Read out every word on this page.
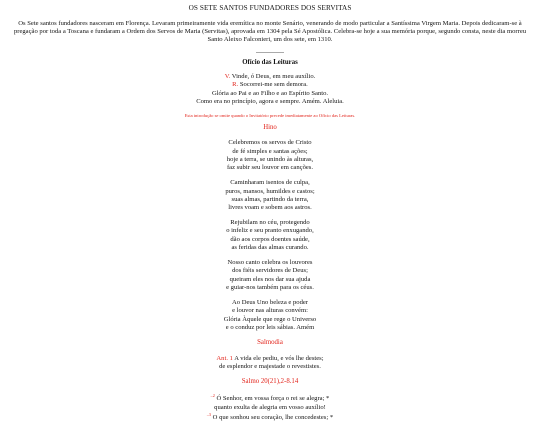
OS SETE SANTOS FUNDADORES DOS SERVITAS
Os Sete santos fundadores nasceram em Florença. Levaram primeiramente vida eremítica no monte Senário, venerando de modo particular a Santíssima Virgem Maria. Depois dedicaram-se à pregação por toda a Toscana e fundaram a Ordem dos Servos de Maria (Servitas), aprovada em 1304 pela Sé Apostólica. Celebra-se hoje a sua memória porque, segundo consta, neste dia morreu Santo Aleixo Falconieri, um dos sete, em 1310.
Ofício das Leituras
V. Vinde, ó Deus, em meu auxílio.
R. Socorrei-me sem demora.
Glória ao Pai e ao Filho e ao Espírito Santo.
Como era no princípio, agora e sempre. Amém. Aleluia.
Esta introdução se omite quando o Invitatório precede imediatamente ao Ofício das Leituras.
Hino
Celebremos os servos de Cristo
de fé simples e santas ações;
hoje a terra, se unindo às alturas,
faz subir seu louvor em canções.
Caminharam isentos de culpa,
puros, mansos, humildes e castos;
suas almas, partindo da terra,
livres voam e sobem aos astros.
Rejubilam no céu, protegendo
o infeliz e seu pranto enxugando,
dão aos corpos doentes saúde,
as feridas das almas curando.
Nosso canto celebra os louvores
dos fiéis servidores de Deus;
queiram eles nos dar sua ajuda
e guiar-nos também para os céus.
Ao Deus Uno beleza e poder
e louvor nas alturas convém:
Glória Àquele que rege o Universo
e o conduz por leis sábias. Amém
Salmodia
Ant. 1 A vida ele pediu, e vós lhe destes;
de esplendor e majestade o revestistes.
Salmo 20(21),2-8.14
$^{-2}$ Ó Senhor, em vossa força o rei se alegra; *
quanto exulta de alegria em vosso auxílio!
$^{-3}$ O que sonhou seu coração, lhe concedestes; *
